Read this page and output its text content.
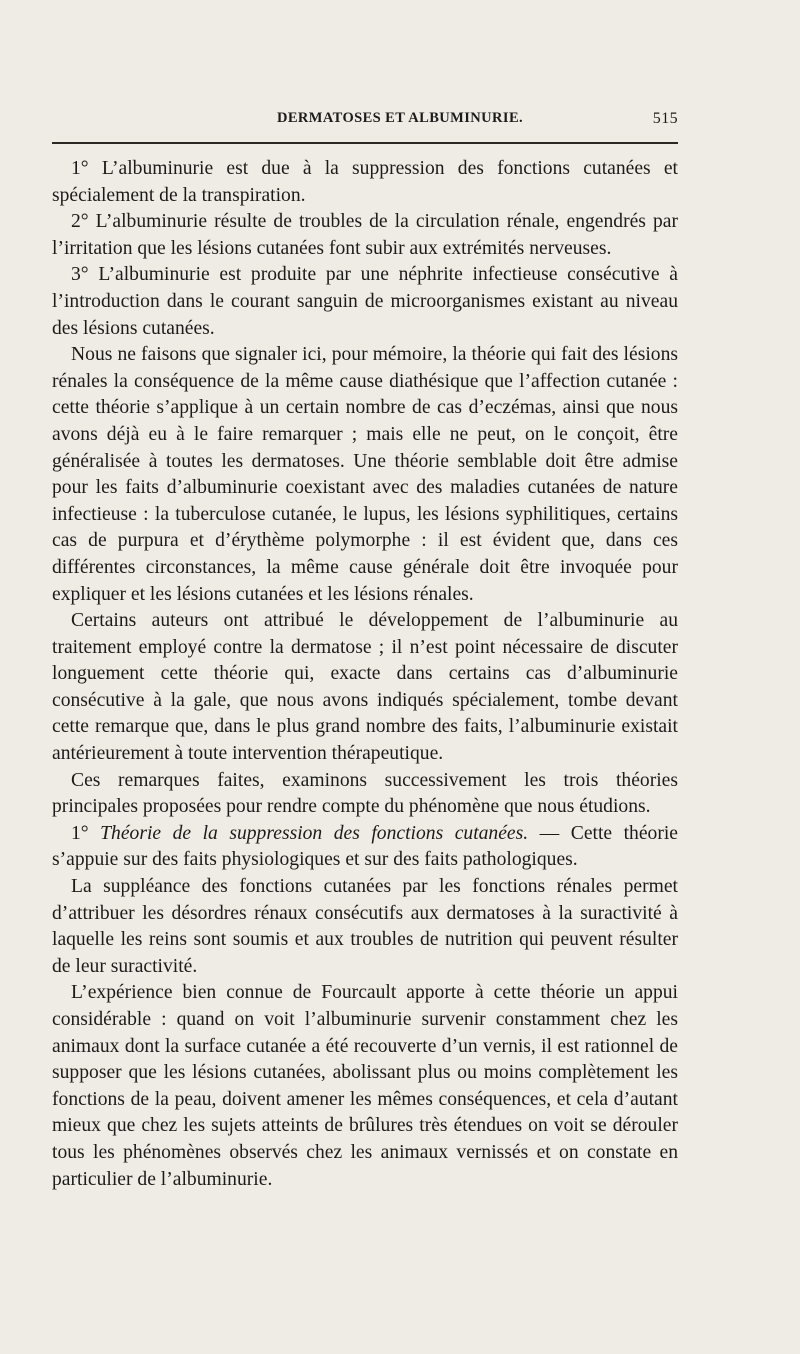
DERMATOSES ET ALBUMINURIE.	515

1° L’albuminurie est due à la suppression des fonctions cutanées et spécialement de la transpiration.

2° L’albuminurie résulte de troubles de la circulation rénale, engendrés par l’irritation que les lésions cutanées font subir aux extrémités nerveuses.

3° L’albuminurie est produite par une néphrite infectieuse consécutive à l’introduction dans le courant sanguin de microorganismes existant au niveau des lésions cutanées.

Nous ne faisons que signaler ici, pour mémoire, la théorie qui fait des lésions rénales la conséquence de la même cause diathésique que l’affection cutanée : cette théorie s’applique à un certain nombre de cas d’eczémas, ainsi que nous avons déjà eu à le faire remarquer ; mais elle ne peut, on le conçoit, être généralisée à toutes les dermatoses. Une théorie semblable doit être admise pour les faits d’albuminurie coexistant avec des maladies cutanées de nature infectieuse : la tuberculose cutanée, le lupus, les lésions syphilitiques, certains cas de purpura et d’érythème polymorphe : il est évident que, dans ces différentes circonstances, la même cause générale doit être invoquée pour expliquer et les lésions cutanées et les lésions rénales.

Certains auteurs ont attribué le développement de l’albuminurie au traitement employé contre la dermatose ; il n’est point nécessaire de discuter longuement cette théorie qui, exacte dans certains cas d’albuminurie consécutive à la gale, que nous avons indiqués spécialement, tombe devant cette remarque que, dans le plus grand nombre des faits, l’albuminurie existait antérieurement à toute intervention thérapeutique.

Ces remarques faites, examinons successivement les trois théories principales proposées pour rendre compte du phénomène que nous étudions.

1° Théorie de la suppression des fonctions cutanées. — Cette théorie s’appuie sur des faits physiologiques et sur des faits pathologiques.

La suppléance des fonctions cutanées par les fonctions rénales permet d’attribuer les désordres rénaux consécutifs aux dermatoses à la suractivité à laquelle les reins sont soumis et aux troubles de nutrition qui peuvent résulter de leur suractivité.

L’expérience bien connue de Fourcault apporte à cette théorie un appui considérable : quand on voit l’albuminurie survenir constamment chez les animaux dont la surface cutanée a été recouverte d’un vernis, il est rationnel de supposer que les lésions cutanées, abolissant plus ou moins complètement les fonctions de la peau, doivent amener les mêmes conséquences, et cela d’autant mieux que chez les sujets atteints de brûlures très étendues on voit se dérouler tous les phénomènes observés chez les animaux vernissés et on constate en particulier de l’albuminurie.
